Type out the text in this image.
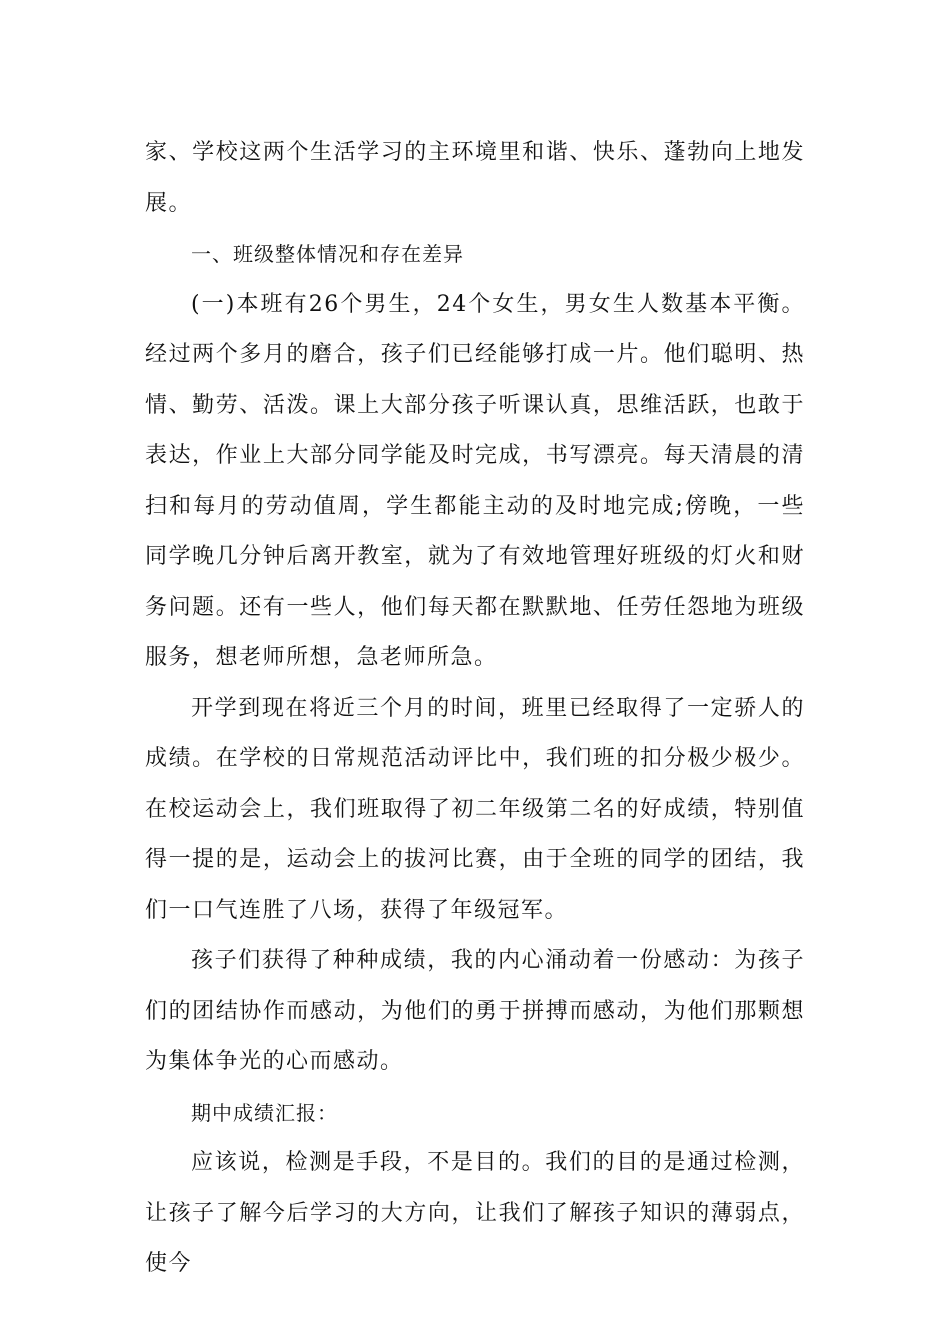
家、学校这两个生活学习的主环境里和谐、快乐、蓬勃向上地发展。

一、班级整体情况和存在差异

(一)本班有26个男生，24个女生，男女生人数基本平衡。经过两个多月的磨合，孩子们已经能够打成一片。他们聪明、热情、勤劳、活泼。课上大部分孩子听课认真，思维活跃，也敢于表达，作业上大部分同学能及时完成，书写漂亮。每天清晨的清扫和每月的劳动值周，学生都能主动的及时地完成;傍晚，一些同学晚几分钟后离开教室，就为了有效地管理好班级的灯火和财务问题。还有一些人，他们每天都在默默地、任劳任怨地为班级服务，想老师所想，急老师所急。

开学到现在将近三个月的时间，班里已经取得了一定骄人的成绩。在学校的日常规范活动评比中，我们班的扣分极少极少。在校运动会上，我们班取得了初二年级第二名的好成绩，特别值得一提的是，运动会上的拔河比赛，由于全班的同学的团结，我们一口气连胜了八场，获得了年级冠军。

孩子们获得了种种成绩，我的内心涌动着一份感动：为孩子们的团结协作而感动，为他们的勇于拼搏而感动，为他们那颗想为集体争光的心而感动。

期中成绩汇报：

应该说，检测是手段，不是目的。我们的目的是通过检测，让孩子了解今后学习的大方向，让我们了解孩子知识的薄弱点，使今
